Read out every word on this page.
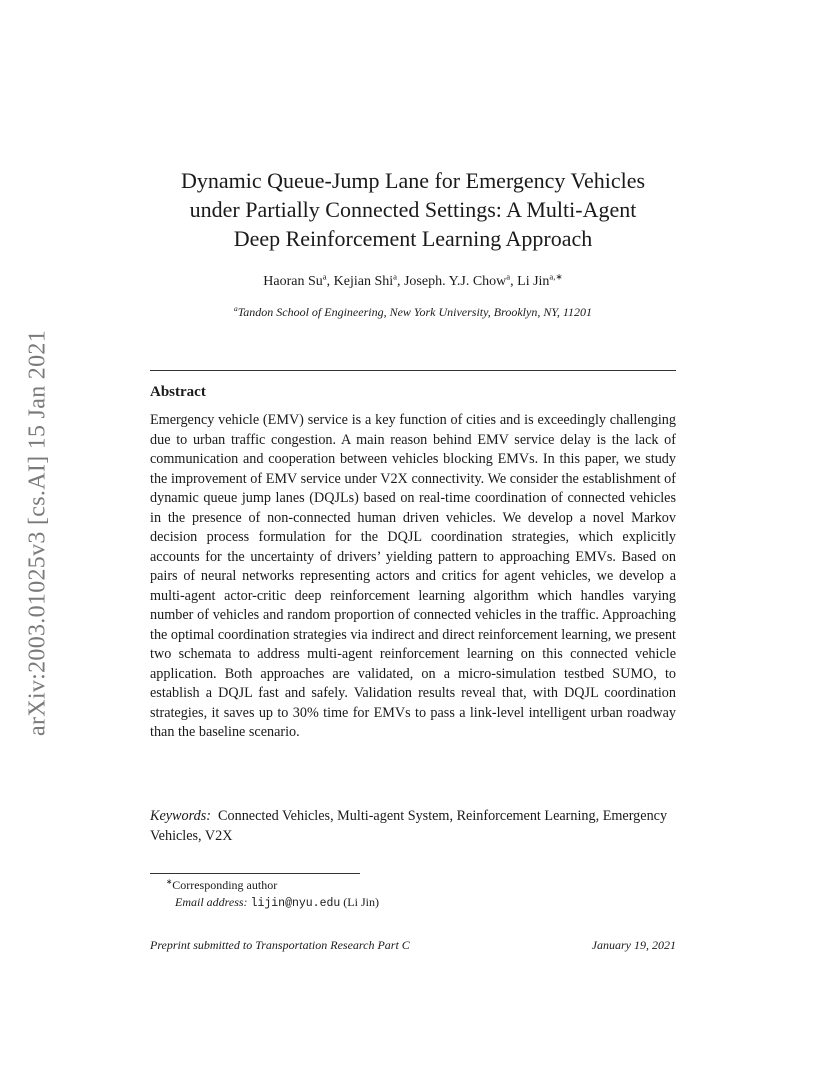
arXiv:2003.01025v3 [cs.AI] 15 Jan 2021
Dynamic Queue-Jump Lane for Emergency Vehicles
under Partially Connected Settings: A Multi-Agent
Deep Reinforcement Learning Approach
Haoran Su$^a$, Kejian Shi$^a$, Joseph. Y.J. Chow$^a$, Li Jin$^{a,∗}$
$^a$Tandon School of Engineering, New York University, Brooklyn, NY, 11201
Abstract

Emergency vehicle (EMV) service is a key function of cities and is exceedingly challenging due to urban traffic congestion. A main reason behind EMV service delay is the lack of communication and cooperation between vehicles blocking EMVs. In this paper, we study the improvement of EMV service under V2X connectivity. We consider the establishment of dynamic queue jump lanes (DQJLs) based on real-time coordination of connected vehicles in the presence of non-connected human driven vehicles. We develop a novel Markov decision process formulation for the DQJL coordination strategies, which explicitly accounts for the uncertainty of drivers’ yielding pattern to approaching EMVs. Based on pairs of neural networks representing actors and critics for agent vehicles, we develop a multi-agent actor-critic deep reinforcement learning algorithm which handles varying number of vehicles and random proportion of connected vehicles in the traffic. Approaching the optimal coordination strategies via indirect and direct reinforcement learning, we present two schemata to address multi-agent reinforcement learning on this connected vehicle application. Both approaches are validated, on a micro-simulation testbed SUMO, to establish a DQJL fast and safely. Validation results reveal that, with DQJL coordination strategies, it saves up to 30% time for EMVs to pass a link-level intelligent urban roadway than the baseline scenario.

Keywords: Connected Vehicles, Multi-agent System, Reinforcement Learning, Emergency Vehicles, V2X
∗Corresponding author
Email address: lijin@nyu.edu (Li Jin)
Preprint submitted to Transportation Research Part C	January 19, 2021
